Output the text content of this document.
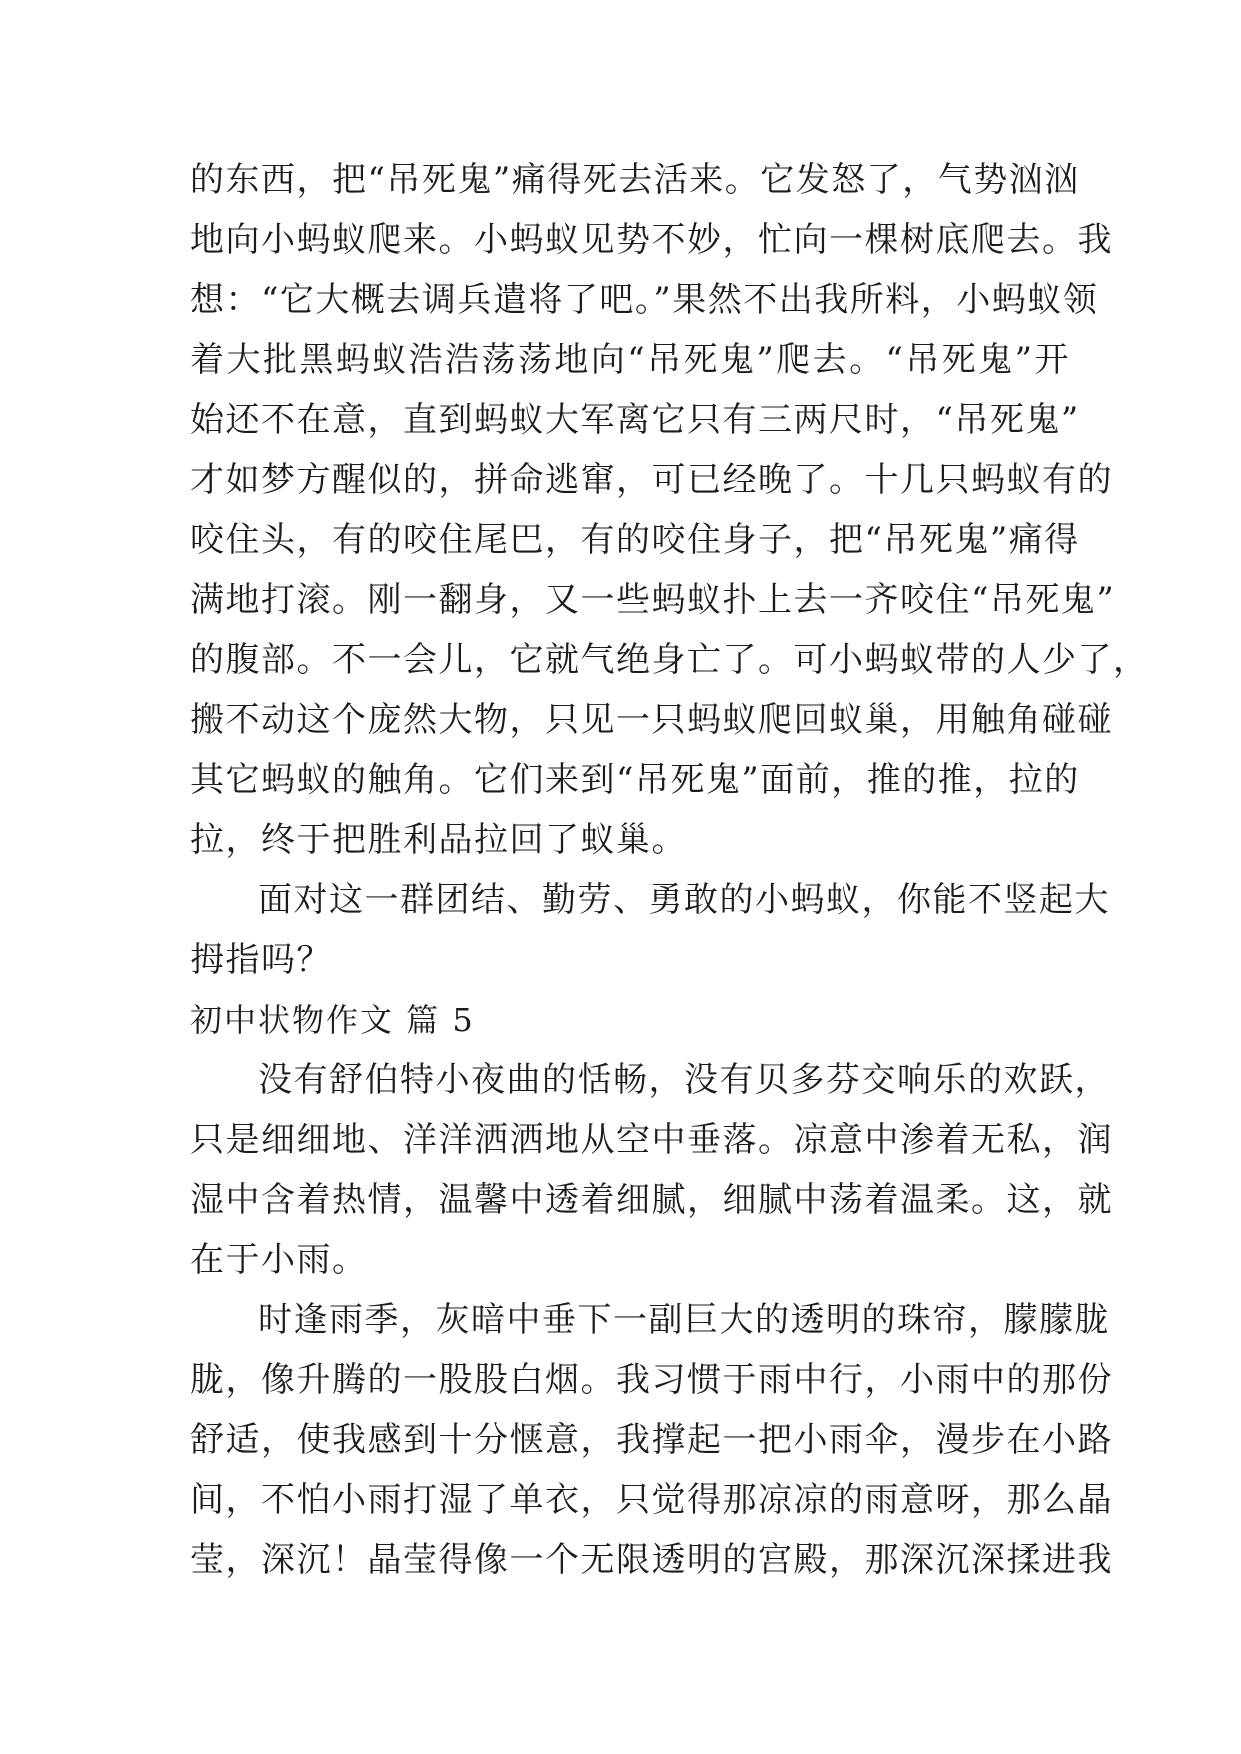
的东西，把“吊死鬼”痛得死去活来。它发怒了，气势汹汹
地向小蚂蚁爬来。小蚂蚁见势不妙，忙向一棵树底爬去。我
想：“它大概去调兵遣将了吧。”果然不出我所料，小蚂蚁领
着大批黑蚂蚁浩浩荡荡地向“吊死鬼”爬去。“吊死鬼”开
始还不在意，直到蚂蚁大军离它只有三两尺时，“吊死鬼”
才如梦方醒似的，拼命逃窜，可已经晚了。十几只蚂蚁有的
咬住头，有的咬住尾巴，有的咬住身子，把“吊死鬼”痛得
满地打滚。刚一翻身，又一些蚂蚁扑上去一齐咬住“吊死鬼”
的腹部。不一会儿，它就气绝身亡了。可小蚂蚁带的人少了，
搬不动这个庞然大物，只见一只蚂蚁爬回蚁巢，用触角碰碰
其它蚂蚁的触角。它们来到“吊死鬼”面前，推的推，拉的
拉，终于把胜利品拉回了蚁巢。
面对这一群团结、勤劳、勇敢的小蚂蚁，你能不竖起大
拇指吗？
初中状物作文 篇 5
没有舒伯特小夜曲的恬畅，没有贝多芬交响乐的欢跃，
只是细细地、洋洋洒洒地从空中垂落。凉意中渗着无私，润
湿中含着热情，温馨中透着细腻，细腻中荡着温柔。这，就
在于小雨。
时逢雨季，灰暗中垂下一副巨大的透明的珠帘，朦朦胧
胧，像升腾的一股股白烟。我习惯于雨中行，小雨中的那份
舒适，使我感到十分惬意，我撑起一把小雨伞，漫步在小路
间，不怕小雨打湿了单衣，只觉得那凉凉的雨意呀，那么晶
莹，深沉！晶莹得像一个无限透明的宫殿，那深沉深揉进我
